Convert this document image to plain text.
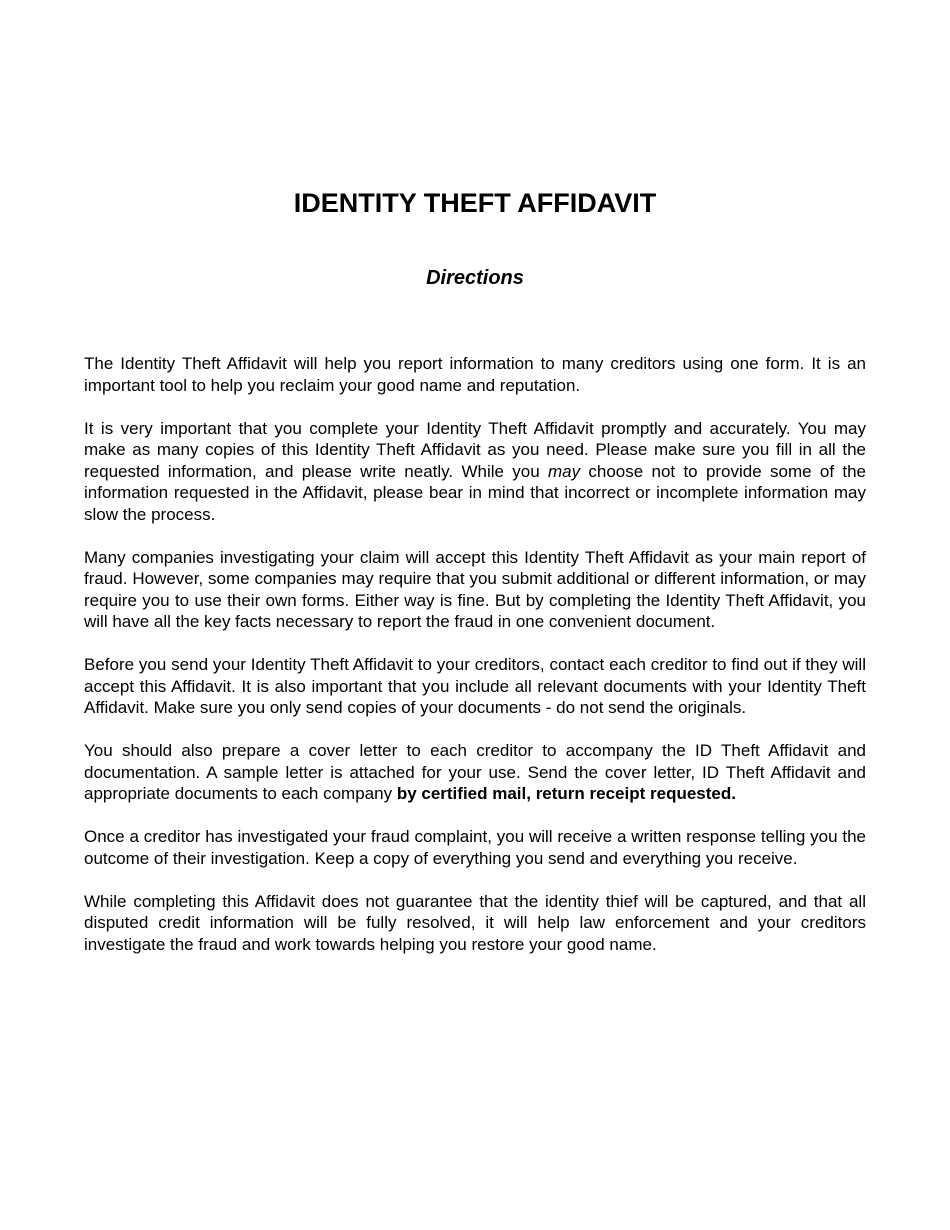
IDENTITY THEFT AFFIDAVIT
Directions

The Identity Theft Affidavit will help you report information to many creditors using one form. It is an important tool to help you reclaim your good name and reputation.

It is very important that you complete your Identity Theft Affidavit promptly and accurately. You may make as many copies of this Identity Theft Affidavit as you need. Please make sure you fill in all the requested information, and please write neatly. While you may choose not to provide some of the information requested in the Affidavit, please bear in mind that incorrect or incomplete information may slow the process.

Many companies investigating your claim will accept this Identity Theft Affidavit as your main report of fraud. However, some companies may require that you submit additional or different information, or may require you to use their own forms. Either way is fine. But by completing the Identity Theft Affidavit, you will have all the key facts necessary to report the fraud in one convenient document.

Before you send your Identity Theft Affidavit to your creditors, contact each creditor to find out if they will accept this Affidavit. It is also important that you include all relevant documents with your Identity Theft Affidavit. Make sure you only send copies of your documents - do not send the originals.

You should also prepare a cover letter to each creditor to accompany the ID Theft Affidavit and documentation. A sample letter is attached for your use. Send the cover letter, ID Theft Affidavit and appropriate documents to each company by certified mail, return receipt requested.

Once a creditor has investigated your fraud complaint, you will receive a written response telling you the outcome of their investigation. Keep a copy of everything you send and everything you receive.

While completing this Affidavit does not guarantee that the identity thief will be captured, and that all disputed credit information will be fully resolved, it will help law enforcement and your creditors investigate the fraud and work towards helping you restore your good name.
